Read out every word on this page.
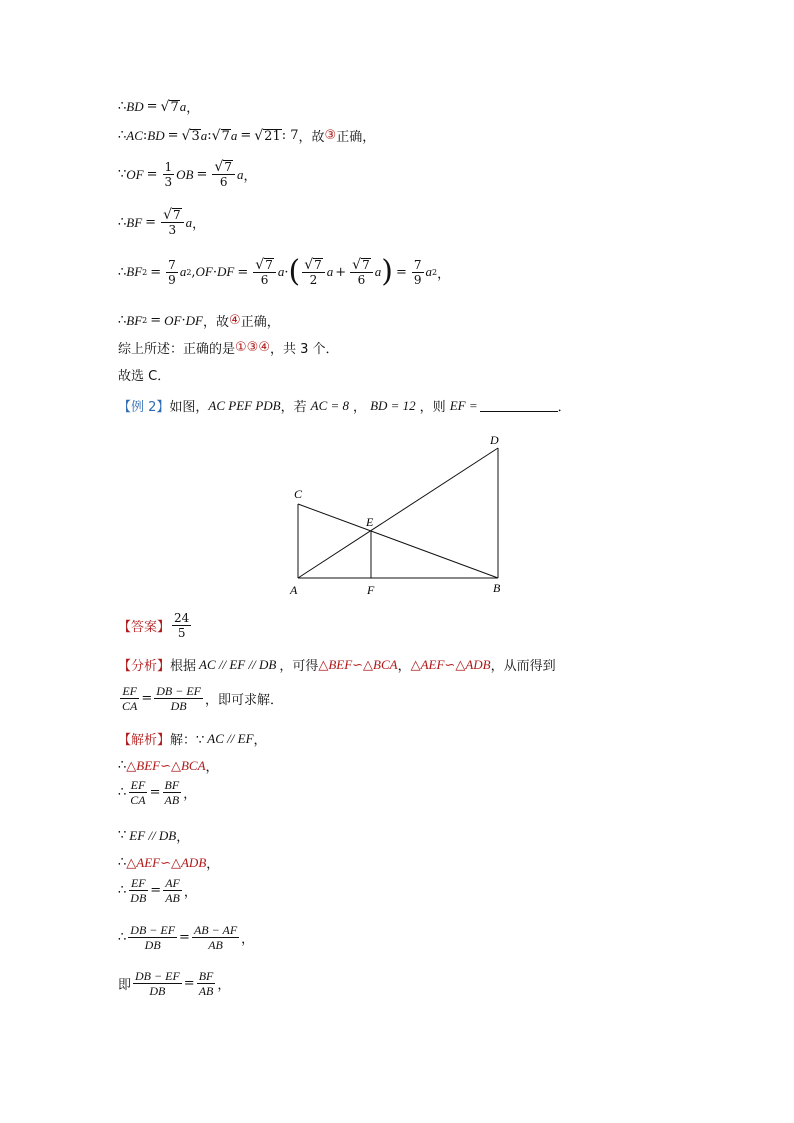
∴ BD = √ 7 a ，
∴ AC : BD = √ 3 a : √ 7 a = √ 21 : 7 ， 故 ③ 正确，
∵ OF = $\frac{1}{3}$ OB = $\frac{√ 7}{6}$ a ，
∴ BF = $\frac{√ 7}{3}$ a ，
∴ BF $2 = \frac{7}{9}$ a 2 , OF · DF = $\frac{√ 7}{6}$ a · ( $\frac{√ 7}{2}$ $a + \frac{√ 7}{6}$ a ) = $\frac{7}{9}$ a 2 ，
∴ BF 2 = OF · DF ， 故 ④ 正确，
综上所述：正确的是 ①③④ ，共 3 个．
故选 C．
【例 2】 如图， AC PEF PDB ，若 AC = 8 ， BD = 12 ，则 EF =	．
C
A
E
F	B
D
【答案】 $\frac{24}{5}$
【分析】 根据 AC // EF // DB ，可得 △BEF∽△BCA ， △AEF∽△ADB ，从而得到
$\frac{EF}{CA} = \frac{DB - EF}{DB}$ ，即可求解．
【解析】 解：∵ AC // EF ，
∴ △BEF∽△BCA ，
∴ $\frac{EF}{CA} = \frac{BF}{AB}$ ，
∵ EF // DB ，
∴ △AEF∽△ADB ，
∴ $\frac{EF}{DB} = \frac{AF}{AB}$ ，
∴ $\frac{DB - EF}{DB} = \frac{AB - AF}{AB}$ ，
即 $\frac{DB - EF}{DB} = \frac{BF}{AB}$ ，
